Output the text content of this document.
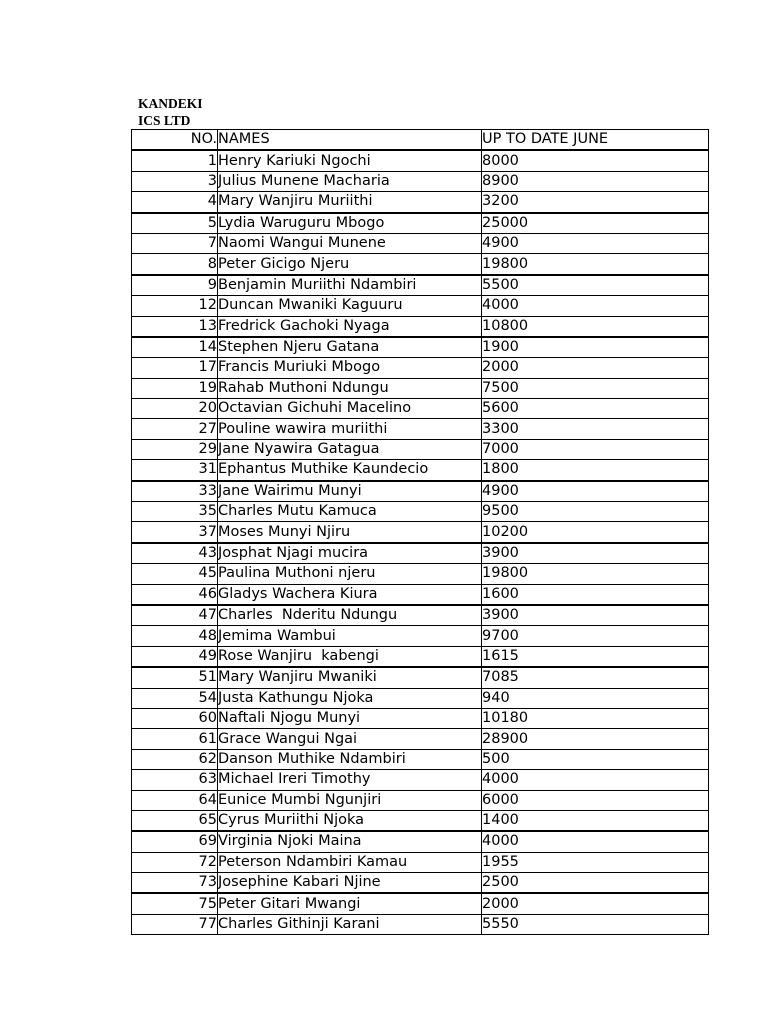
KANDEKI
ICS LTD
NO.	NAMES	UP TO DATE JUNE
1	Henry Kariuki Ngochi	8000
3	Julius Munene Macharia	8900
4	Mary Wanjiru Muriithi	3200
5	Lydia Waruguru Mbogo	25000
7	Naomi Wangui Munene	4900
8	Peter Gicigo Njeru	19800
9	Benjamin Muriithi Ndambiri	5500
12	Duncan Mwaniki Kaguuru	4000
13	Fredrick Gachoki Nyaga	10800
14	Stephen Njeru Gatana	1900
17	Francis Muriuki Mbogo	2000
19	Rahab Muthoni Ndungu	7500
20	Octavian Gichuhi Macelino	5600
27	Pouline wawira muriithi	3300
29	Jane Nyawira Gatagua	7000
31	Ephantus Muthike Kaundecio	1800
33	Jane Wairimu Munyi	4900
35	Charles Mutu Kamuca	9500
37	Moses Munyi Njiru	10200
43	Josphat Njagi mucira	3900
45	Paulina Muthoni njeru	19800
46	Gladys Wachera Kiura	1600
47	Charles  Nderitu Ndungu	3900
48	Jemima Wambui	9700
49	Rose Wanjiru  kabengi	1615
51	Mary Wanjiru Mwaniki	7085
54	Justa Kathungu Njoka	940
60	Naftali Njogu Munyi	10180
61	Grace Wangui Ngai	28900
62	Danson Muthike Ndambiri	500
63	Michael Ireri Timothy	4000
64	Eunice Mumbi Ngunjiri	6000
65	Cyrus Muriithi Njoka	1400
69	Virginia Njoki Maina	4000
72	Peterson Ndambiri Kamau	1955
73	Josephine Kabari Njine	2500
75	Peter Gitari Mwangi	2000
77	Charles Githinji Karani	5550
